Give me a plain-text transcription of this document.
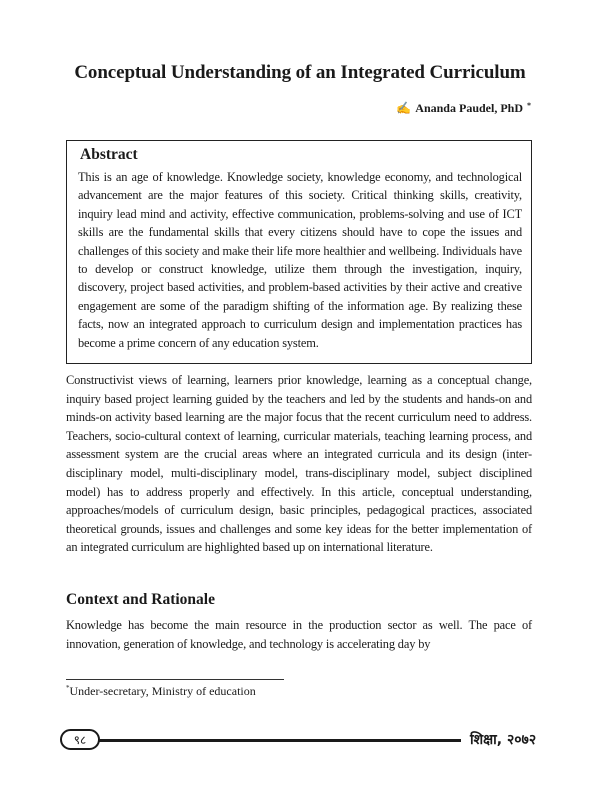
Conceptual Understanding of an Integrated Curriculum
✍ Ananda Paudel, PhD *
Abstract
This is an age of knowledge. Knowledge society, knowledge economy, and technological advancement are the major features of this society. Critical thinking skills, creativity, inquiry lead mind and activity, effective communication, problems-solving and use of ICT skills are the fundamental skills that every citizens should have to cope the issues and challenges of this society and make their life more healthier and wellbeing. Individuals have to develop or construct knowledge, utilize them through the investigation, inquiry, discovery, project based activities, and problem-based activities by their active and creative engagement are some of the paradigm shifting of the information age. By realizing these facts, now an integrated approach to curriculum design and implementation practices has become a prime concern of any education system.
Constructivist views of learning, learners prior knowledge, learning as a conceptual change, inquiry based project learning guided by the teachers and led by the students and hands-on and minds-on activity based learning are the major focus that the recent curriculum need to address. Teachers, socio-cultural context of learning, curricular materials, teaching learning process, and assessment system are the crucial areas where an integrated curricula and its design (inter-disciplinary model, multi-disciplinary model, trans-disciplinary model, subject disciplined model) has to address properly and effectively. In this article, conceptual understanding, approaches/models of curriculum design, basic principles, pedagogical practices, associated theoretical grounds, issues and challenges and some key ideas for the better implementation of an integrated curriculum are highlighted based up on international literature.
Context and Rationale
Knowledge has become the main resource in the production sector as well. The pace of innovation, generation of knowledge, and technology is accelerating day by
*Under-secretary, Ministry of education
९८	शिक्षा, २०७२
